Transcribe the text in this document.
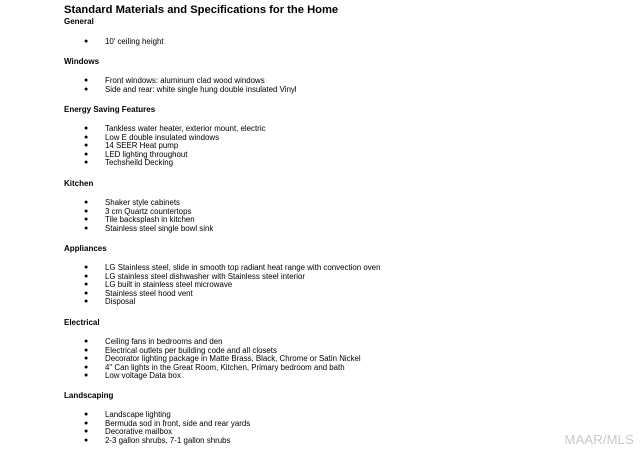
Standard Materials and Specifications for the Home
General
● 10' ceiling height
Windows
● Front windows: aluminum clad wood windows
● Side and rear: white single hung double insulated Vinyl
Energy Saving Features
● Tankless water heater, exterior mount, electric
● Low E double insulated windows
● 14 SEER Heat pump
● LED lighting throughout
● Techsheild Decking
Kitchen
● Shaker style cabinets
● 3 cm Quartz countertops
● Tile backsplash in kitchen
● Stainless steel single bowl sink
Appliances
● LG Stainless steel, slide in smooth top radiant heat range with convection oven
● LG stainless steel dishwasher with Stainless steel interior
● LG built in stainless steel microwave
● Stainless steel hood vent
● Disposal
Electrical
● Ceiling fans in bedrooms and den
● Electrical outlets per building code and all closets
● Decorator lighting package in Matte Brass, Black, Chrome or Satin Nickel
● 4" Can lights in the Great Room, Kitchen, Primary bedroom and bath
● Low voltage Data box
Landscaping
● Landscape lighting
● Bermuda sod in front, side and rear yards
● Decorative mailbox
● 2-3 gallon shrubs, 7-1 gallon shrubs	MAAR/MLS
